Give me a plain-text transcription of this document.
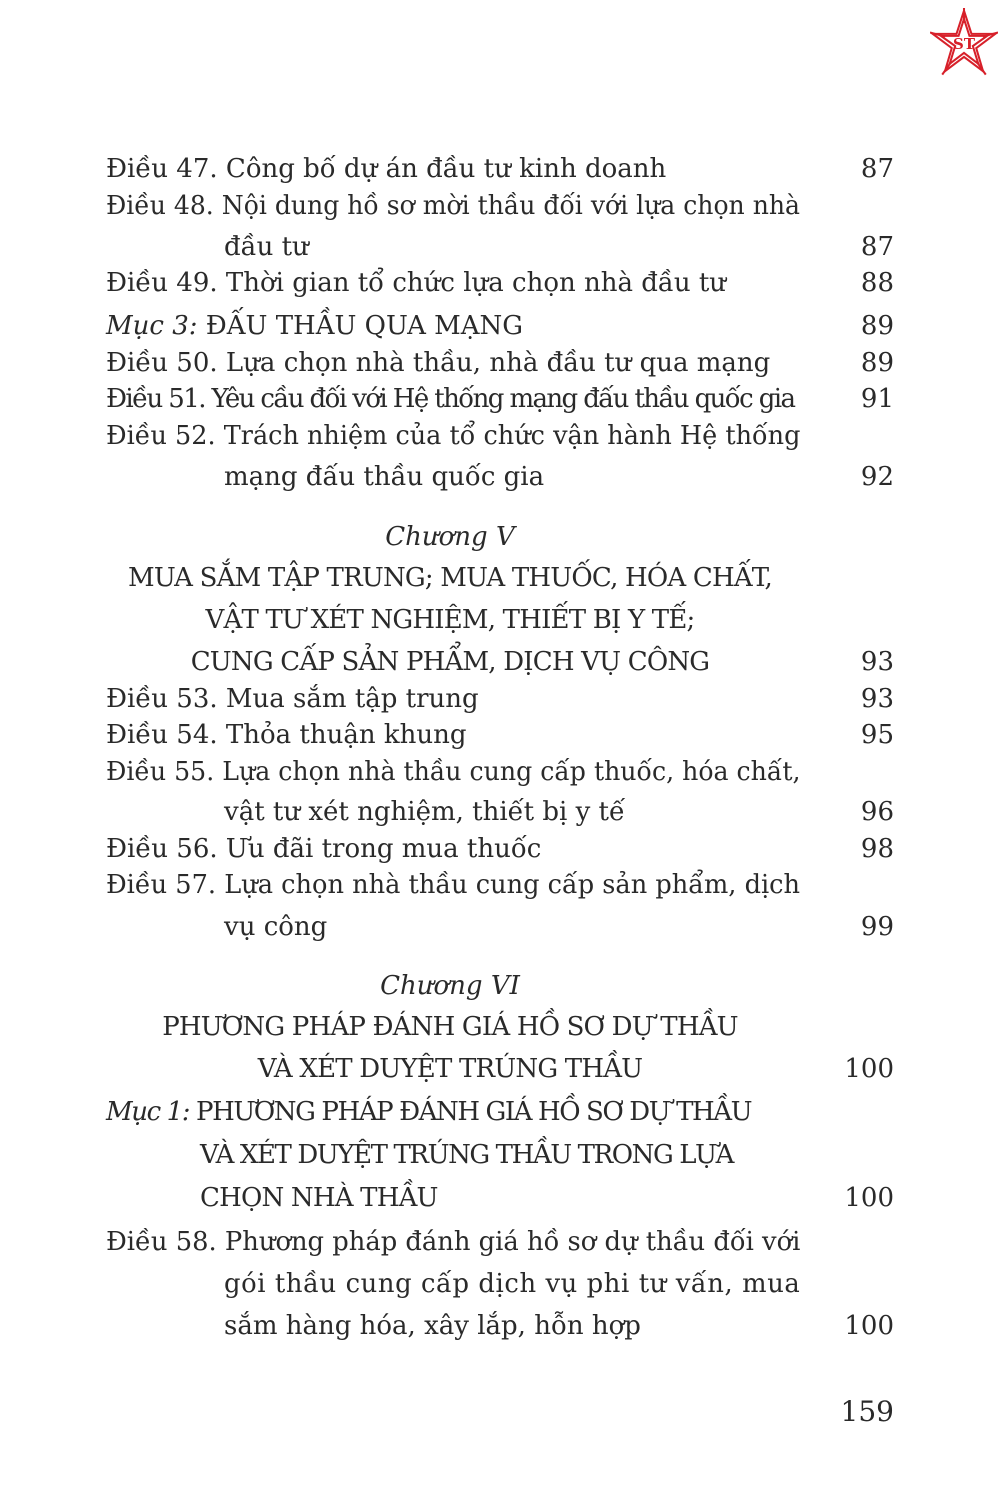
ST
Điều 47. Công bố dự án đầu tư kinh doanh	87
Điều 48. Nội dung hồ sơ mời thầu đối với lựa chọn nhà
đầu tư	87
Điều 49. Thời gian tổ chức lựa chọn nhà đầu tư	88
Mục 3: ĐẤU THẦU QUA MẠNG	89
Điều 50. Lựa chọn nhà thầu, nhà đầu tư qua mạng	89
Điều 51. Yêu cầu đối với Hệ thống mạng đấu thầu quốc gia	91
Điều 52. Trách nhiệm của tổ chức vận hành Hệ thống
mạng đấu thầu quốc gia	92
Chương V
MUA SẮM TẬP TRUNG; MUA THUỐC, HÓA CHẤT,
VẬT TƯ XÉT NGHIỆM, THIẾT BỊ Y TẾ;
CUNG CẤP SẢN PHẨM, DỊCH VỤ CÔNG	93
Điều 53. Mua sắm tập trung	93
Điều 54. Thỏa thuận khung	95
Điều 55. Lựa chọn nhà thầu cung cấp thuốc, hóa chất,
vật tư xét nghiệm, thiết bị y tế	96
Điều 56. Ưu đãi trong mua thuốc	98
Điều 57. Lựa chọn nhà thầu cung cấp sản phẩm, dịch
vụ công	99
Chương VI
PHƯƠNG PHÁP ĐÁNH GIÁ HỒ SƠ DỰ THẦU
VÀ XÉT DUYỆT TRÚNG THẦU	100
Mục 1: PHƯƠNG PHÁP ĐÁNH GIÁ HỒ SƠ DỰ THẦU
VÀ XÉT DUYỆT TRÚNG THẦU TRONG LỰA
CHỌN NHÀ THẦU	100
Điều 58. Phương pháp đánh giá hồ sơ dự thầu đối với
gói thầu cung cấp dịch vụ phi tư vấn, mua
sắm hàng hóa, xây lắp, hỗn hợp	100
159
